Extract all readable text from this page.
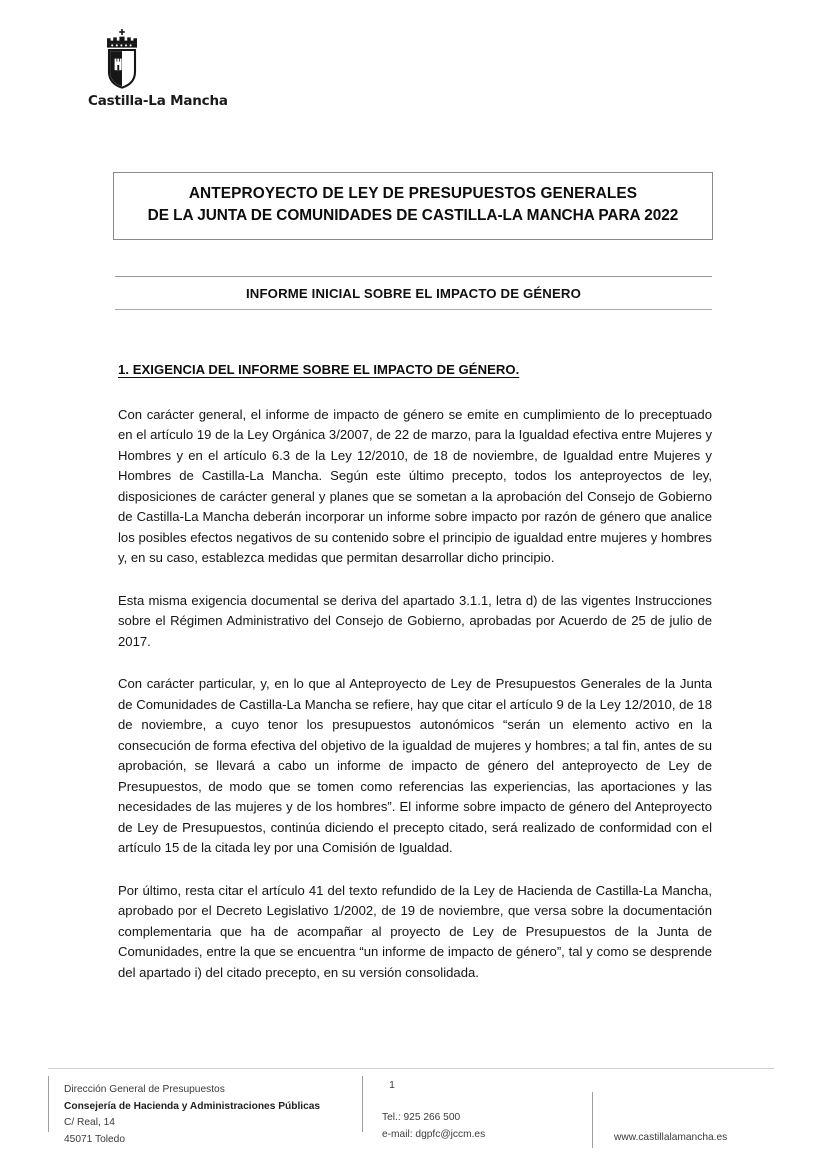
Castilla-La Mancha
ANTEPROYECTO DE LEY DE PRESUPUESTOS GENERALES
DE LA JUNTA DE COMUNIDADES DE CASTILLA-LA MANCHA PARA 2022
INFORME INICIAL SOBRE EL IMPACTO DE GÉNERO
1. EXIGENCIA DEL INFORME SOBRE EL IMPACTO DE GÉNERO.

Con carácter general, el informe de impacto de género se emite en cumplimiento de lo preceptuado en el artículo 19 de la Ley Orgánica 3/2007, de 22 de marzo, para la Igualdad efectiva entre Mujeres y Hombres y en el artículo 6.3 de la Ley 12/2010, de 18 de noviembre, de Igualdad entre Mujeres y Hombres de Castilla-La Mancha. Según este último precepto, todos los anteproyectos de ley, disposiciones de carácter general y planes que se sometan a la aprobación del Consejo de Gobierno de Castilla-La Mancha deberán incorporar un informe sobre impacto por razón de género que analice los posibles efectos negativos de su contenido sobre el principio de igualdad entre mujeres y hombres y, en su caso, establezca medidas que permitan desarrollar dicho principio.

Esta misma exigencia documental se deriva del apartado 3.1.1, letra d) de las vigentes Instrucciones sobre el Régimen Administrativo del Consejo de Gobierno, aprobadas por Acuerdo de 25 de julio de 2017.

Con carácter particular, y, en lo que al Anteproyecto de Ley de Presupuestos Generales de la Junta de Comunidades de Castilla-La Mancha se refiere, hay que citar el artículo 9 de la Ley 12/2010, de 18 de noviembre, a cuyo tenor los presupuestos autonómicos “serán un elemento activo en la consecución de forma efectiva del objetivo de la igualdad de mujeres y hombres; a tal fin, antes de su aprobación, se llevará a cabo un informe de impacto de género del anteproyecto de Ley de Presupuestos, de modo que se tomen como referencias las experiencias, las aportaciones y las necesidades de las mujeres y de los hombres”. El informe sobre impacto de género del Anteproyecto de Ley de Presupuestos, continúa diciendo el precepto citado, será realizado de conformidad con el artículo 15 de la citada ley por una Comisión de Igualdad.

Por último, resta citar el artículo 41 del texto refundido de la Ley de Hacienda de Castilla-La Mancha, aprobado por el Decreto Legislativo 1/2002, de 19 de noviembre, que versa sobre la documentación complementaria que ha de acompañar al proyecto de Ley de Presupuestos de la Junta de Comunidades, entre la que se encuentra “un informe de impacto de género”, tal y como se desprende del apartado i) del citado precepto, en su versión consolidada.

1
Dirección General de Presupuestos
Consejería de Hacienda y Administraciones Públicas
C/ Real, 14
45071 Toledo
Tel.: 925 266 500
e-mail: dgpfc@jccm.es	www.castillalamancha.es
